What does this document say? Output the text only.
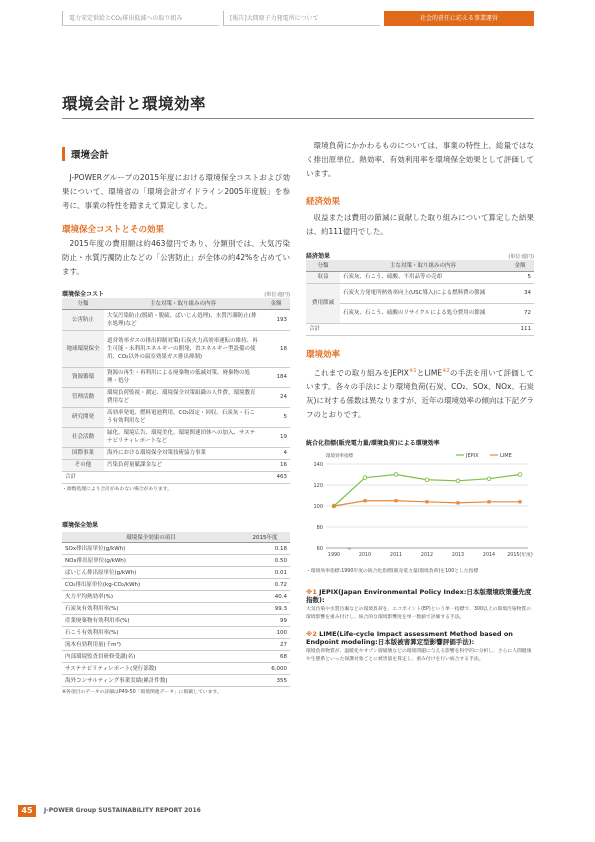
電力安定供給とCO₂排出低減への取り組み	[報告]大間原子力発電所について	社会的責任に応える事業運営
環境会計と環境効率
環境会計
J-POWERグループの2015年度における環境保全コストおよび効果について、環境省の「環境会計ガイドライン2005年度版」を参考に、事業の特性を踏まえて算定しました。
環境保全コストとその効果
2015年度の費用額は約463億円であり、分類別では、大気汚染防止・水質汚濁防止などの「公害防止」が全体の約42%を占めています。
環境保全コスト	(単位:億円)
分類	主な対策・取り組みの内容	金額
公害防止	大気汚染防止(脱硝・脱硫、ばいじん処理)、水質汚濁防止(排水処理)など	193
地球環境保全	道営効率ガスの排出抑制対策(石炭火力高効率運転の維持、再生可能・未利用エネルギーの開発、省エネルギー型設備の使用、CO₂以外の温室効果ガス排出抑制)	18
資源循環	資源の再生・再利用による廃棄物の低減対策、廃棄物の処理・処分	184
管理活動	環境負荷監視・測定、環境保全対策組織の人件費、環境教育費用など	24
研究開発	高効率発電、燃料電池利用、CO₂固定・回収、石炭灰・石こう有効利用など	5
社会活動	緑化、環境広告、環境美化、環境関連団体への加入、サステナビリティレポートなど	19
国際事業	海外における環境保全対策技術協力事業	4
その他	汚染負荷量賦課金など	16
合計		463
・端数処理により合計があわない場合があります。
環境保全効果
環境保全効果の項目	2015年度
SOx排出原単位(g/kWh)	0.18
NOx排出原単位(g/kWh)	0.50
ばいじん排出原単位(g/kWh)	0.01
CO₂排出原単位(kg-CO₂/kWh)	0.72
火力平均熱効率(%)	40.4
石炭灰有効利用率(%)	99.3
産業廃棄物有効利用率(%)	99
石こう有効利用率(%)	100
流木有効利用量(千m³)	27
内部環境監査員研修受講(名)	68
サステナビリティレポート(発行部数)	6,000
海外コンサルティング事業実績(累計件数)	355
※各項目のデータの詳細はP49-50「環境関連データ」に掲載しています。
環境負荷にかかわるものについては、事業の特性上、総量ではなく排出原単位、熱効率、有効利用率を環境保全効果として評価しています。
経済効果
収益または費用の節減に貢献した取り組みについて算定した結果は、約111億円でした。
経済効果	(単位:億円)
分類	主な対策・取り組みの内容	金額
収益	石炭灰、石こう、硫酸、不用品等の売却	5
費用節減	石炭火力発電所熱効率向上(USC導入)による燃料費の節減	34
	石炭灰、石こう、硫酸のリサイクルによる処分費用の節減	72
合計		111
環境効率
これまでの取り組みをJEPIX$^{※1}$とLIME$^{※2}$の手法を用いて評価しています。各々の手法により環境負荷(石炭、CO₂、SOx、NOx、石炭灰)に対する係数は異なりますが、近年の環境効率の傾向は下記グラフのとおりです。
統合化指標(販売電力量/環境負荷)による環境効率
環境効率指標
60
80
100
120
140
1990	2010	2011	2012	2013	2014	2015(年度)
≈
JEPIX	LIME
・環境効率指標:1990年度の統合化指標(販売電力量/環境負荷)を100とした指標
※1 JEPIX(Japan Environmental Policy Index:日本版環境政策優先度指数):
大気汚染や水質汚濁などの環境負荷を、エコポイント(EP)という単一指標で、300以上の環境汚染物質の環境影響を重み付けし、統合的な環境影響度を単一数値で評価する手法。
※2 LIME(Life-cycle Impact assessment Method based on Endpoint modeling:日本版被害算定型影響評価手法):
環境負荷物質が、温暖化やオゾン層破壊などの環境問題に与える影響を科学的に分析し、さらに人間健康や生態系といった保護対象ごとに被害量を算定し、重み付けを行い統合する手法。
45	J-POWER Group SUSTAINABILITY REPORT 2016
